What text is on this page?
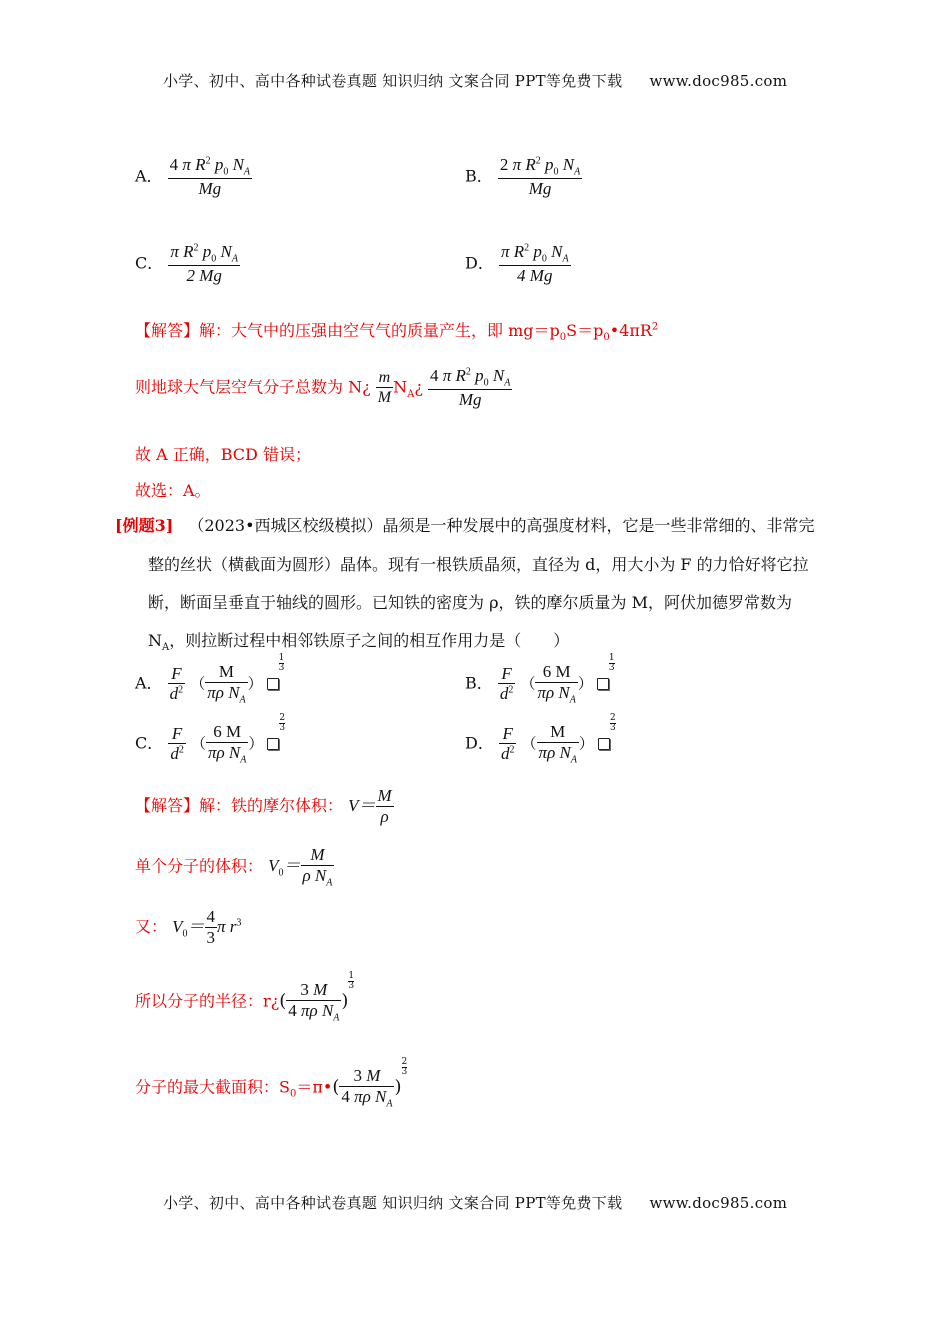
小学、初中、高中各种试卷真题 知识归纳 文案合同 PPT等免费下载 www.doc985.com
A． $\frac{4 \pi R^2 p_0 N_A}{Mg}$	B． $\frac{2 \pi R^2 p_0 N_A}{Mg}$
C． $\frac{\pi R^2 p_0 N_A}{2 Mg}$	D． $\frac{\pi R^2 p_0 N_A}{4 Mg}$
【解答】解：大气中的压强由空气气的质量产生，即 $mg=p_0S=p_0•4\pi R^2$
则地球大气层空气分子总数为 N¿ $\frac{m}{M}$ $N_A¿ \frac{4 \pi R^2 p_0 N_A}{Mg}$
故 A 正确，BCD 错误；
故选：A。
[例题3] （2023•西城区校级模拟）晶须是一种发展中的高强度材料，它是一些非常细的、非常完
整的丝状（横截面为圆形）晶体。现有一根铁质晶须，直径为 d，用大小为 F 的力恰好将它拉
断，断面呈垂直于轴线的圆形。已知铁的密度为 ρ，铁的摩尔质量为 M，阿伏加德罗常数为
$N_A$，则拉断过程中相邻铁原子之间的相互作用力是（　　）
A． $\frac{F}{d^2}$ （ $\frac{M}{\pi\rho N_A}$ ）
$\frac{1}{3}$
B． $\frac{F}{d^2}$ （ $\frac{6 M}{\pi\rho N_A}$ ）
$\frac{1}{3}$
C． $\frac{F}{d^2}$ （ $\frac{6 M}{\pi\rho N_A}$ ）
$\frac{2}{3}$
D． $\frac{F}{d^2}$ （ $\frac{M}{\pi\rho N_A}$ ）
$\frac{2}{3}$
【解答】解：铁的摩尔体积： $V= \frac{M}{\rho}$
单个分子的体积： $V_0= \frac{M}{\rho N_A}$
又： $V_0= \frac{4}{3}$ π $r^3$
所以分子的半径：r¿( $\frac{3 M}{4 \pi\rho N_A}$ )
$\frac{1}{3}$
分子的最大截面积：$S_0=\pi•( \frac{3 M}{4 \pi\rho N_A}$ )
$\frac{2}{3}$
小学、初中、高中各种试卷真题 知识归纳 文案合同 PPT等免费下载 www.doc985.com
